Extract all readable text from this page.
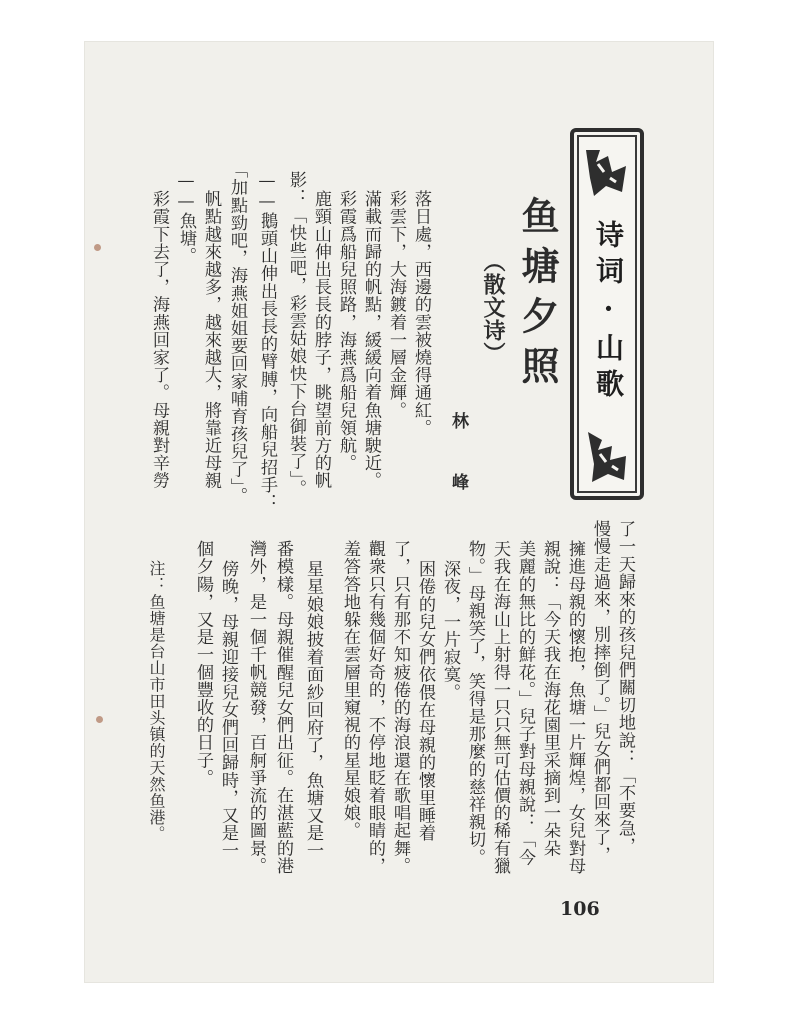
诗词·山歌
鱼塘夕照
（散文诗）
林 峰
落日處，西邊的雲被燒得通紅。
彩雲下，大海鍍着一層金輝。
滿載而歸的帆點，緩緩向着魚塘駛近。
彩霞爲船兒照路，海燕爲船兒領航。
鹿頸山伸出長長的脖子，眺望前方的帆
影：「快些吧，彩雲姑娘快下台御裝了」。
——鵝頭山伸出長長的臂膊，向船兒招手：
「加點勁吧，海燕姐姐要回家哺育孩兒了」。
帆點越來越多，越來越大，將靠近母親
——魚塘。
彩霞下去了，海燕回家了。母親對辛勞
了一天歸來的孩兒們關切地說：「不要急，
慢慢走過來，別摔倒了。」兒女們都回來了，
擁進母親的懷抱，魚塘一片輝煌，女兒對母
親說：「今天我在海花園里采摘到一朵朵
美麗的無比的鮮花。」兒子對母親說：「今
天我在海山上射得一只只無可估價的稀有獵
物。」母親笑了，笑得是那麼的慈祥親切。
深夜，一片寂寞。
困倦的兒女們依偎在母親的懷里睡着
了，只有那不知疲倦的海浪還在歌唱起舞。
觀衆只有幾個好奇的，不停地眨着眼睛的，
羞答答地躲在雲層里窺視的星星娘娘。
星星娘娘披着面紗回府了，魚塘又是一
番模樣。母親催醒兒女們出征。在湛藍的港
灣外，是一個千帆競發，百舸爭流的圖景。
傍晚，母親迎接兒女們回歸時，又是一
個夕陽，又是一個豐收的日子。
注：鱼塘是台山市田头镇的天然鱼港。
106
